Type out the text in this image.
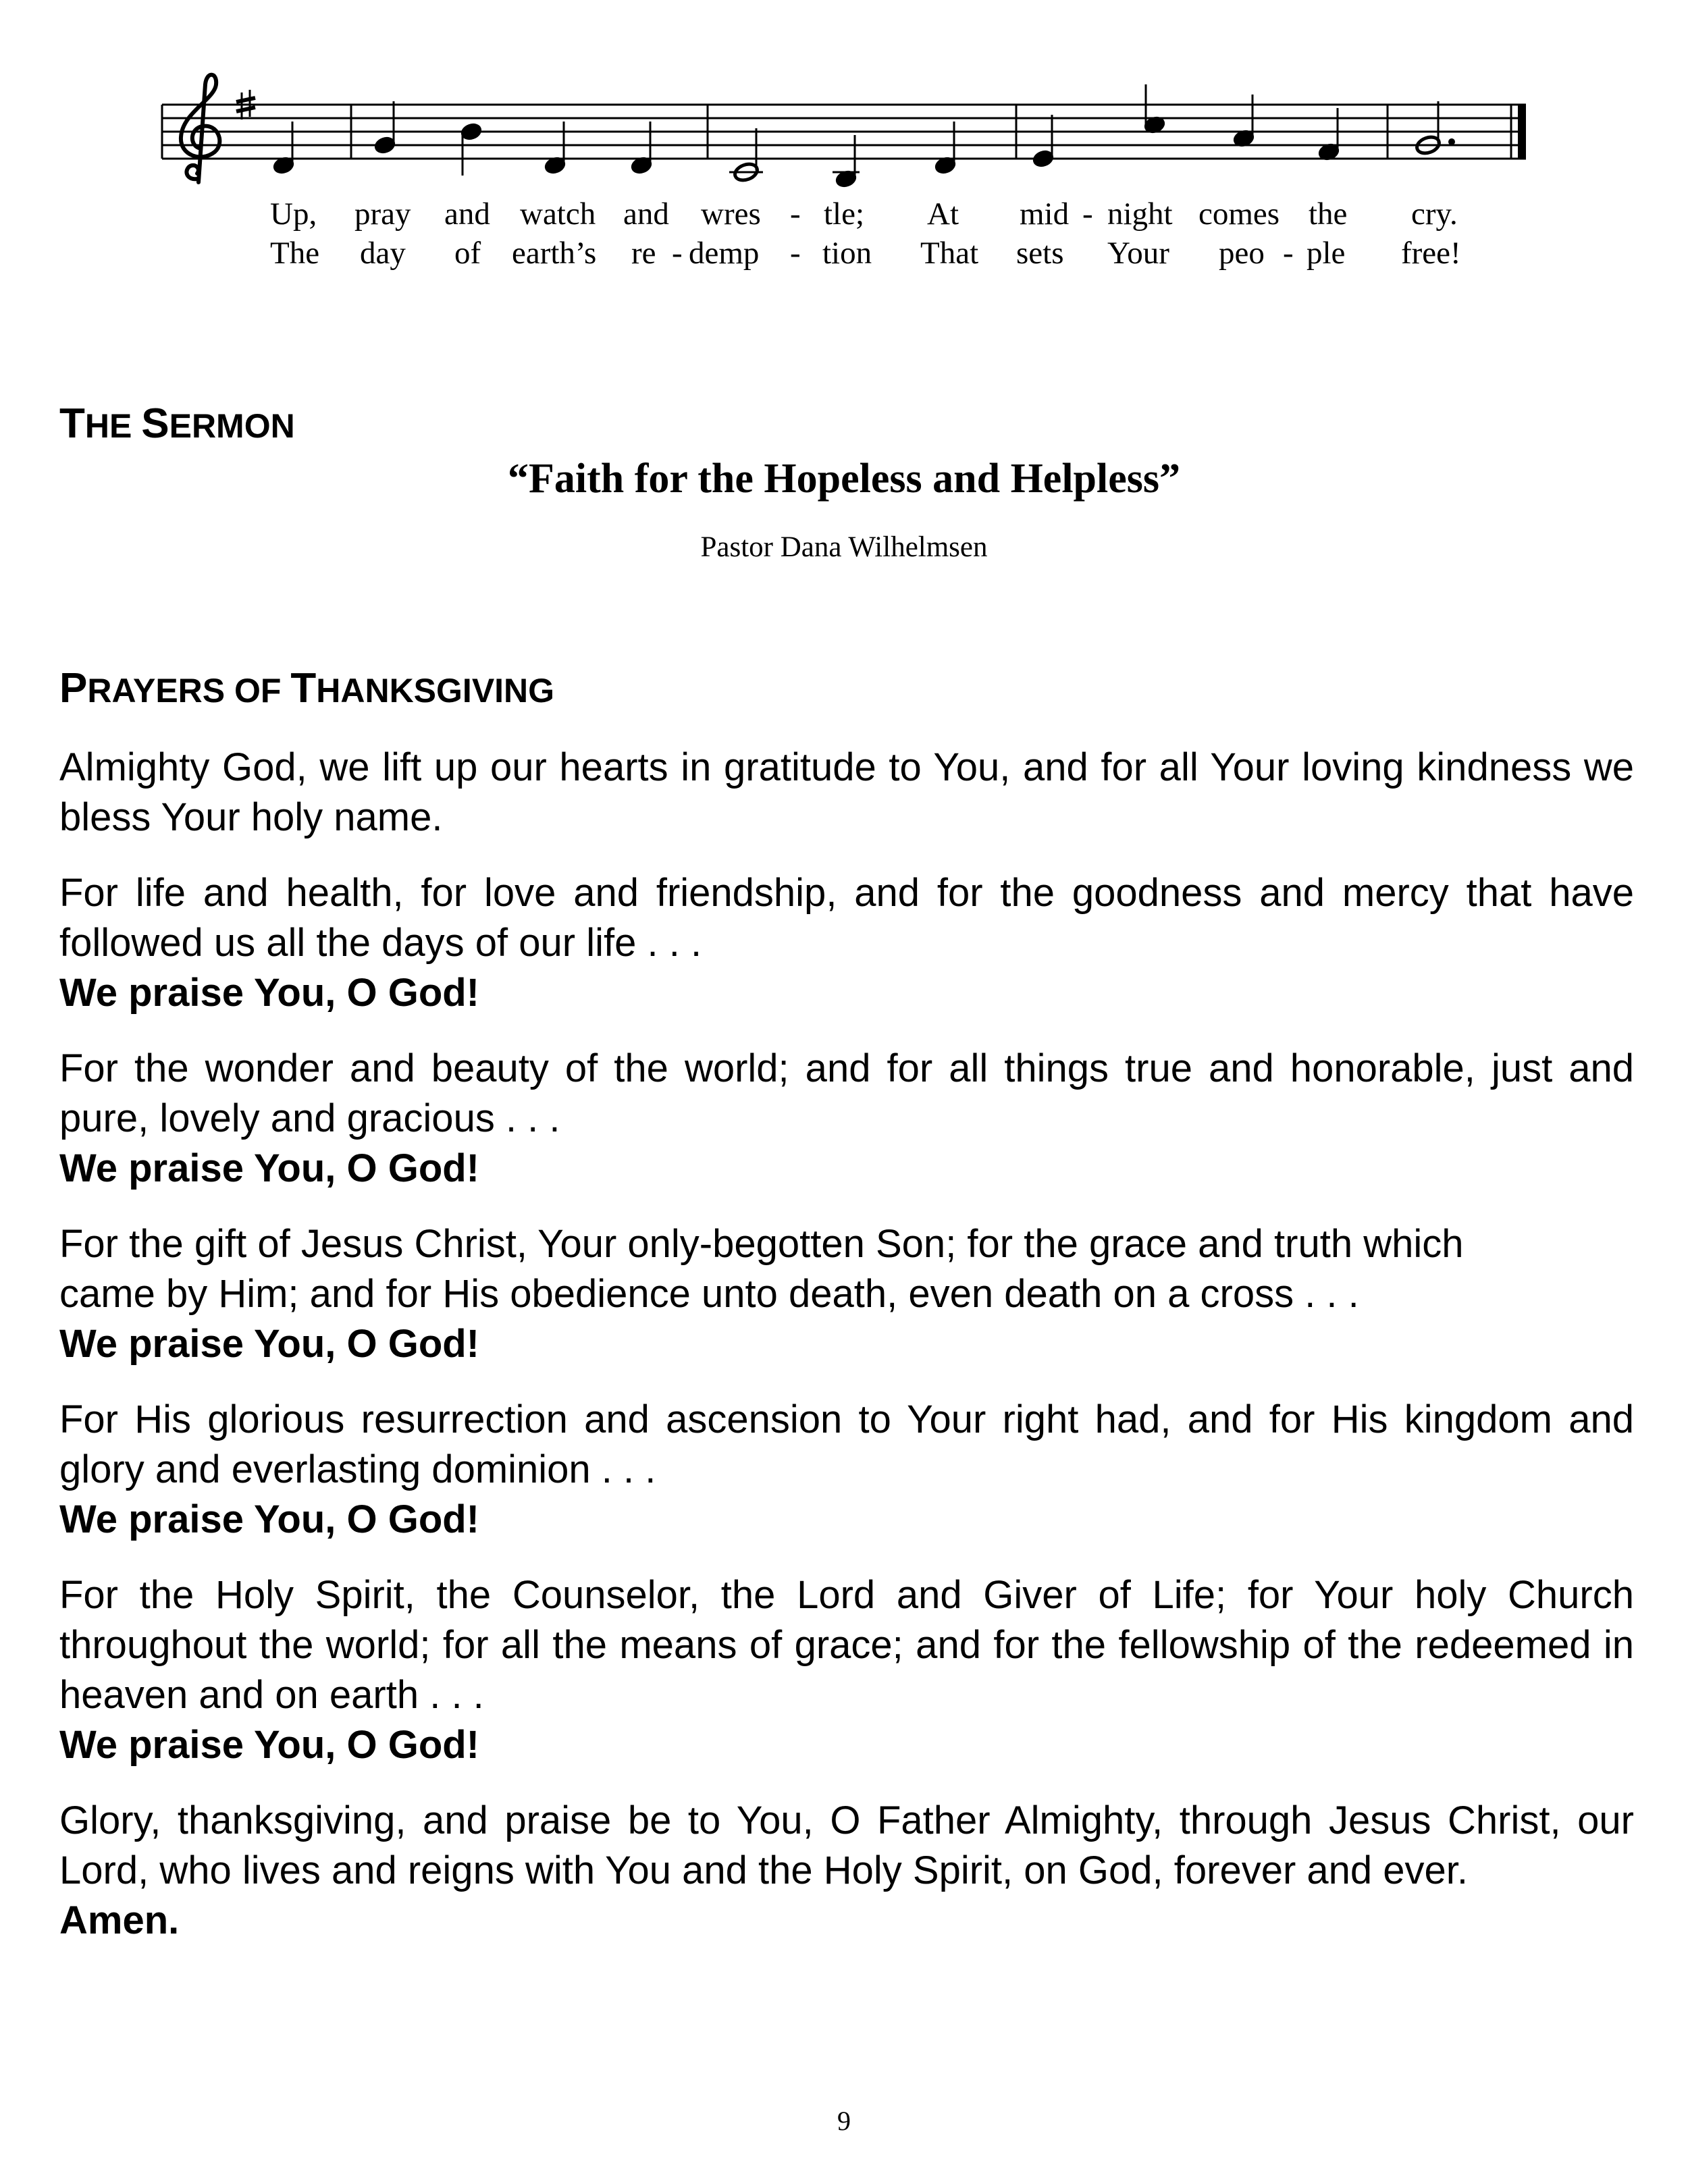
Up, pray and watch and wres - tle; At mid - night comes the cry.
The day of earth’s re - demp - tion That sets Your peo - ple free!
THE SERMON
“Faith for the Hopeless and Helpless”
Pastor Dana Wilhelmsen
PRAYERS OF THANKSGIVING

Almighty God, we lift up our hearts in gratitude to You, and for all Your loving kindness we bless Your holy name.

For life and health, for love and friendship, and for the goodness and mercy that have followed us all the days of our life . . .

We praise You, O God!

For the wonder and beauty of the world; and for all things true and honorable, just and pure, lovely and gracious . . .

We praise You, O God!

For the gift of Jesus Christ, Your only-begotten Son; for the grace and truth which

came by Him; and for His obedience unto death, even death on a cross . . .

We praise You, O God!

For His glorious resurrection and ascension to Your right had, and for His kingdom and glory and everlasting dominion . . .

We praise You, O God!

For the Holy Spirit, the Counselor, the Lord and Giver of Life; for Your holy Church throughout the world; for all the means of grace; and for the fellowship of the redeemed in heaven and on earth . . .

We praise You, O God!

Glory, thanksgiving, and praise be to You, O Father Almighty, through Jesus Christ, our Lord, who lives and reigns with You and the Holy Spirit, on God, forever and ever.

Amen.

9
